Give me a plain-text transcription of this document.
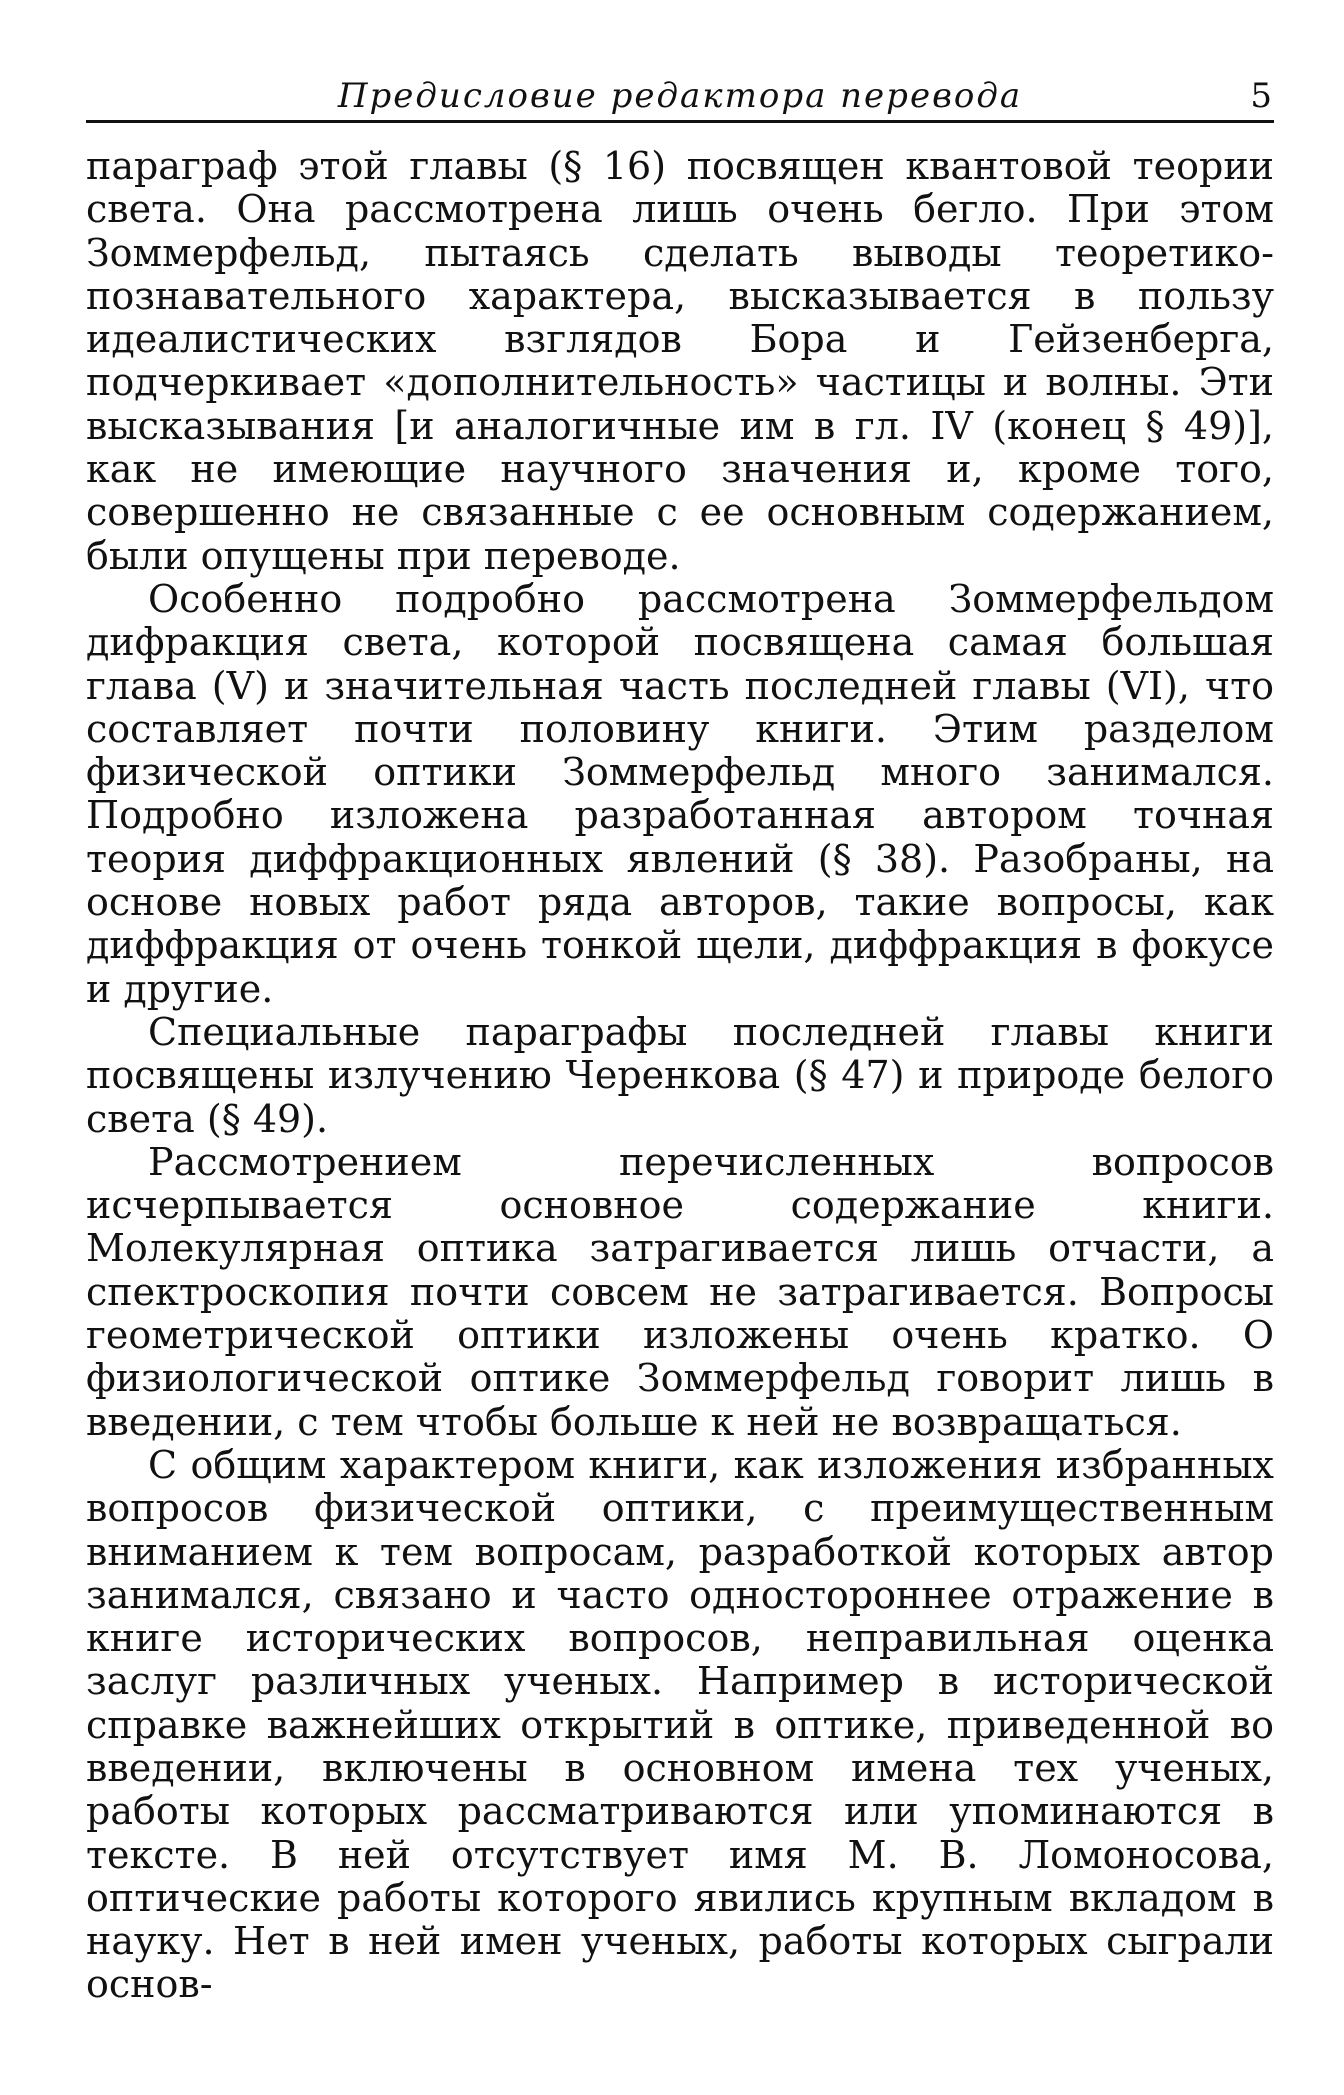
Предисловие редактора перевода	5

параграф этой главы (§ 16) посвящен квантовой теории света. Она рассмотрена лишь очень бегло. При этом Зоммерфельд, пытаясь сделать выводы теоретико-познавательного характера, высказывается в пользу идеалистических взглядов Бора и Гейзенберга, подчеркивает «дополнительность» частицы и волны. Эти высказывания [и аналогичные им в гл. IV (конец § 49)], как не имеющие научного значения и, кроме того, совершенно не связанные с ее основным содержанием, были опущены при переводе.

Особенно подробно рассмотрена Зоммерфельдом дифракция света, которой посвящена самая большая глава (V) и значительная часть последней главы (VI), что составляет почти половину книги. Этим разделом физической оптики Зоммерфельд много занимался. Подробно изложена разработанная автором точная теория диффракционных явлений (§ 38). Разобраны, на основе новых работ ряда авторов, такие вопросы, как диффракция от очень тонкой щели, диффракция в фокусе и другие.

Специальные параграфы последней главы книги посвящены излучению Черенкова (§ 47) и природе белого света (§ 49).

Рассмотрением перечисленных вопросов исчерпывается основное содержание книги. Молекулярная оптика затрагивается лишь отчасти, а спектроскопия почти совсем не затрагивается. Вопросы геометрической оптики изложены очень кратко. О физиологической оптике Зоммерфельд говорит лишь в введении, с тем чтобы больше к ней не возвращаться.

С общим характером книги, как изложения избранных вопросов физической оптики, с преимущественным вниманием к тем вопросам, разработкой которых автор занимался, связано и часто одностороннее отражение в книге исторических вопросов, неправильная оценка заслуг различных ученых. Например в исторической справке важнейших открытий в оптике, приведенной во введении, включены в основном имена тех ученых, работы которых рассматриваются или упоминаются в тексте. В ней отсутствует имя М. В. Ломоносова, оптические работы которого явились крупным вкладом в науку. Нет в ней имен ученых, работы которых сыграли основ-
